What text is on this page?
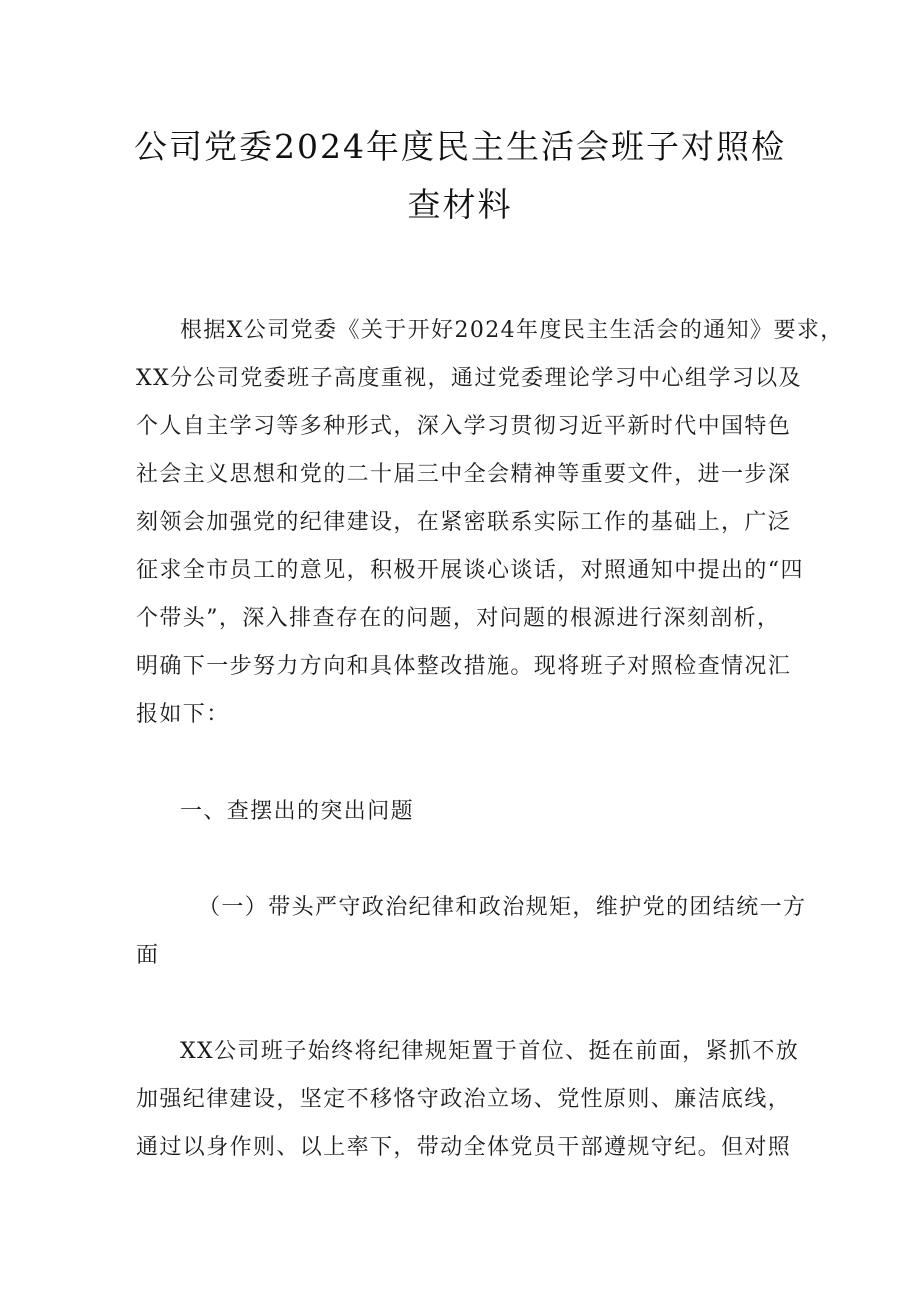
公司党委2024年度民主生活会班子对照检
查材料

根据X公司党委《关于开好2024年度民主生活会的通知》要求，
XX分公司党委班子高度重视，通过党委理论学习中心组学习以及
个人自主学习等多种形式，深入学习贯彻习近平新时代中国特色
社会主义思想和党的二十届三中全会精神等重要文件，进一步深
刻领会加强党的纪律建设，在紧密联系实际工作的基础上，广泛
征求全市员工的意见，积极开展谈心谈话，对照通知中提出的“四
个带头”，深入排查存在的问题，对问题的根源进行深刻剖析，
明确下一步努力方向和具体整改措施。现将班子对照检查情况汇
报如下：

一、查摆出的突出问题

（一）带头严守政治纪律和政治规矩，维护党的团结统一方
面

XX公司班子始终将纪律规矩置于首位、挺在前面，紧抓不放
加强纪律建设，坚定不移恪守政治立场、党性原则、廉洁底线，
通过以身作则、以上率下，带动全体党员干部遵规守纪。但对照
